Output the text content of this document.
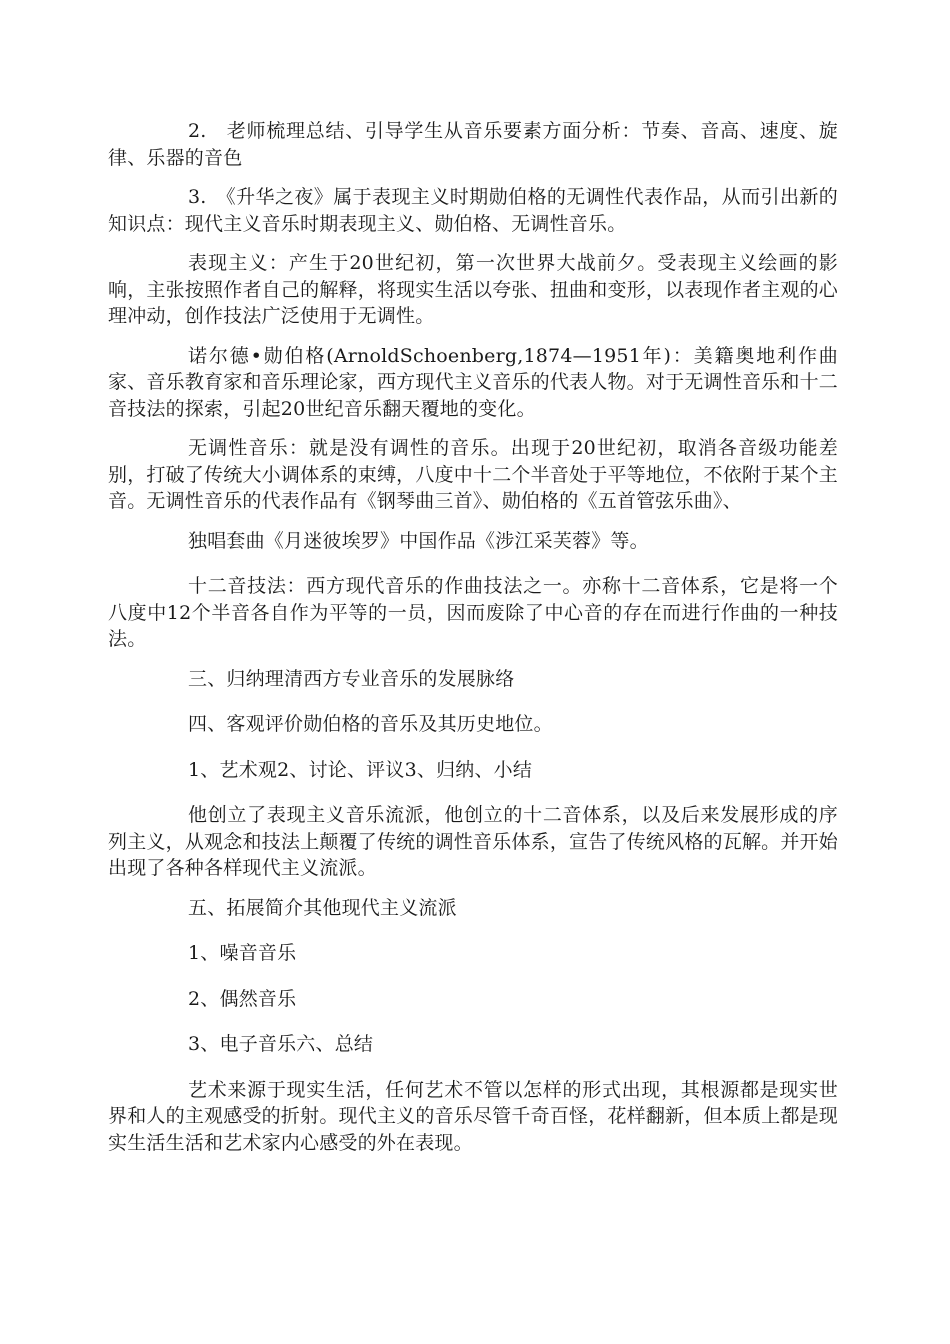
2.　老师梳理总结、引导学生从音乐要素方面分析：节奏、音高、速度、旋律、乐器的音色

3.　《升华之夜》属于表现主义时期勋伯格的无调性代表作品，从而引出新的知识点：现代主义音乐时期表现主义、勋伯格、无调性音乐。

表现主义：产生于20世纪初，第一次世界大战前夕。受表现主义绘画的影响，主张按照作者自己的解释，将现实生活以夸张、扭曲和变形，以表现作者主观的心理冲动，创作技法广泛使用于无调性。

诺尔德•勋伯格(ArnoldSchoenberg,1874—1951年)：美籍奥地利作曲家、音乐教育家和音乐理论家，西方现代主义音乐的代表人物。对于无调性音乐和十二音技法的探索，引起20世纪音乐翻天覆地的变化。

无调性音乐：就是没有调性的音乐。出现于20世纪初，取消各音级功能差别，打破了传统大小调体系的束缚，八度中十二个半音处于平等地位，不依附于某个主音。无调性音乐的代表作品有《钢琴曲三首》、勋伯格的《五首管弦乐曲》、

独唱套曲《月迷彼埃罗》中国作品《涉江采芙蓉》等。

十二音技法：西方现代音乐的作曲技法之一。亦称十二音体系，它是将一个八度中12个半音各自作为平等的一员，因而废除了中心音的存在而进行作曲的一种技法。

三、归纳理清西方专业音乐的发展脉络

四、客观评价勋伯格的音乐及其历史地位。

1、艺术观2、讨论、评议3、归纳、小结

他创立了表现主义音乐流派，他创立的十二音体系，以及后来发展形成的序列主义，从观念和技法上颠覆了传统的调性音乐体系，宣告了传统风格的瓦解。并开始出现了各种各样现代主义流派。

五、拓展简介其他现代主义流派

1、噪音音乐

2、偶然音乐

3、电子音乐六、总结

艺术来源于现实生活，任何艺术不管以怎样的形式出现，其根源都是现实世界和人的主观感受的折射。现代主义的音乐尽管千奇百怪，花样翻新，但本质上都是现实生活生活和艺术家内心感受的外在表现。
